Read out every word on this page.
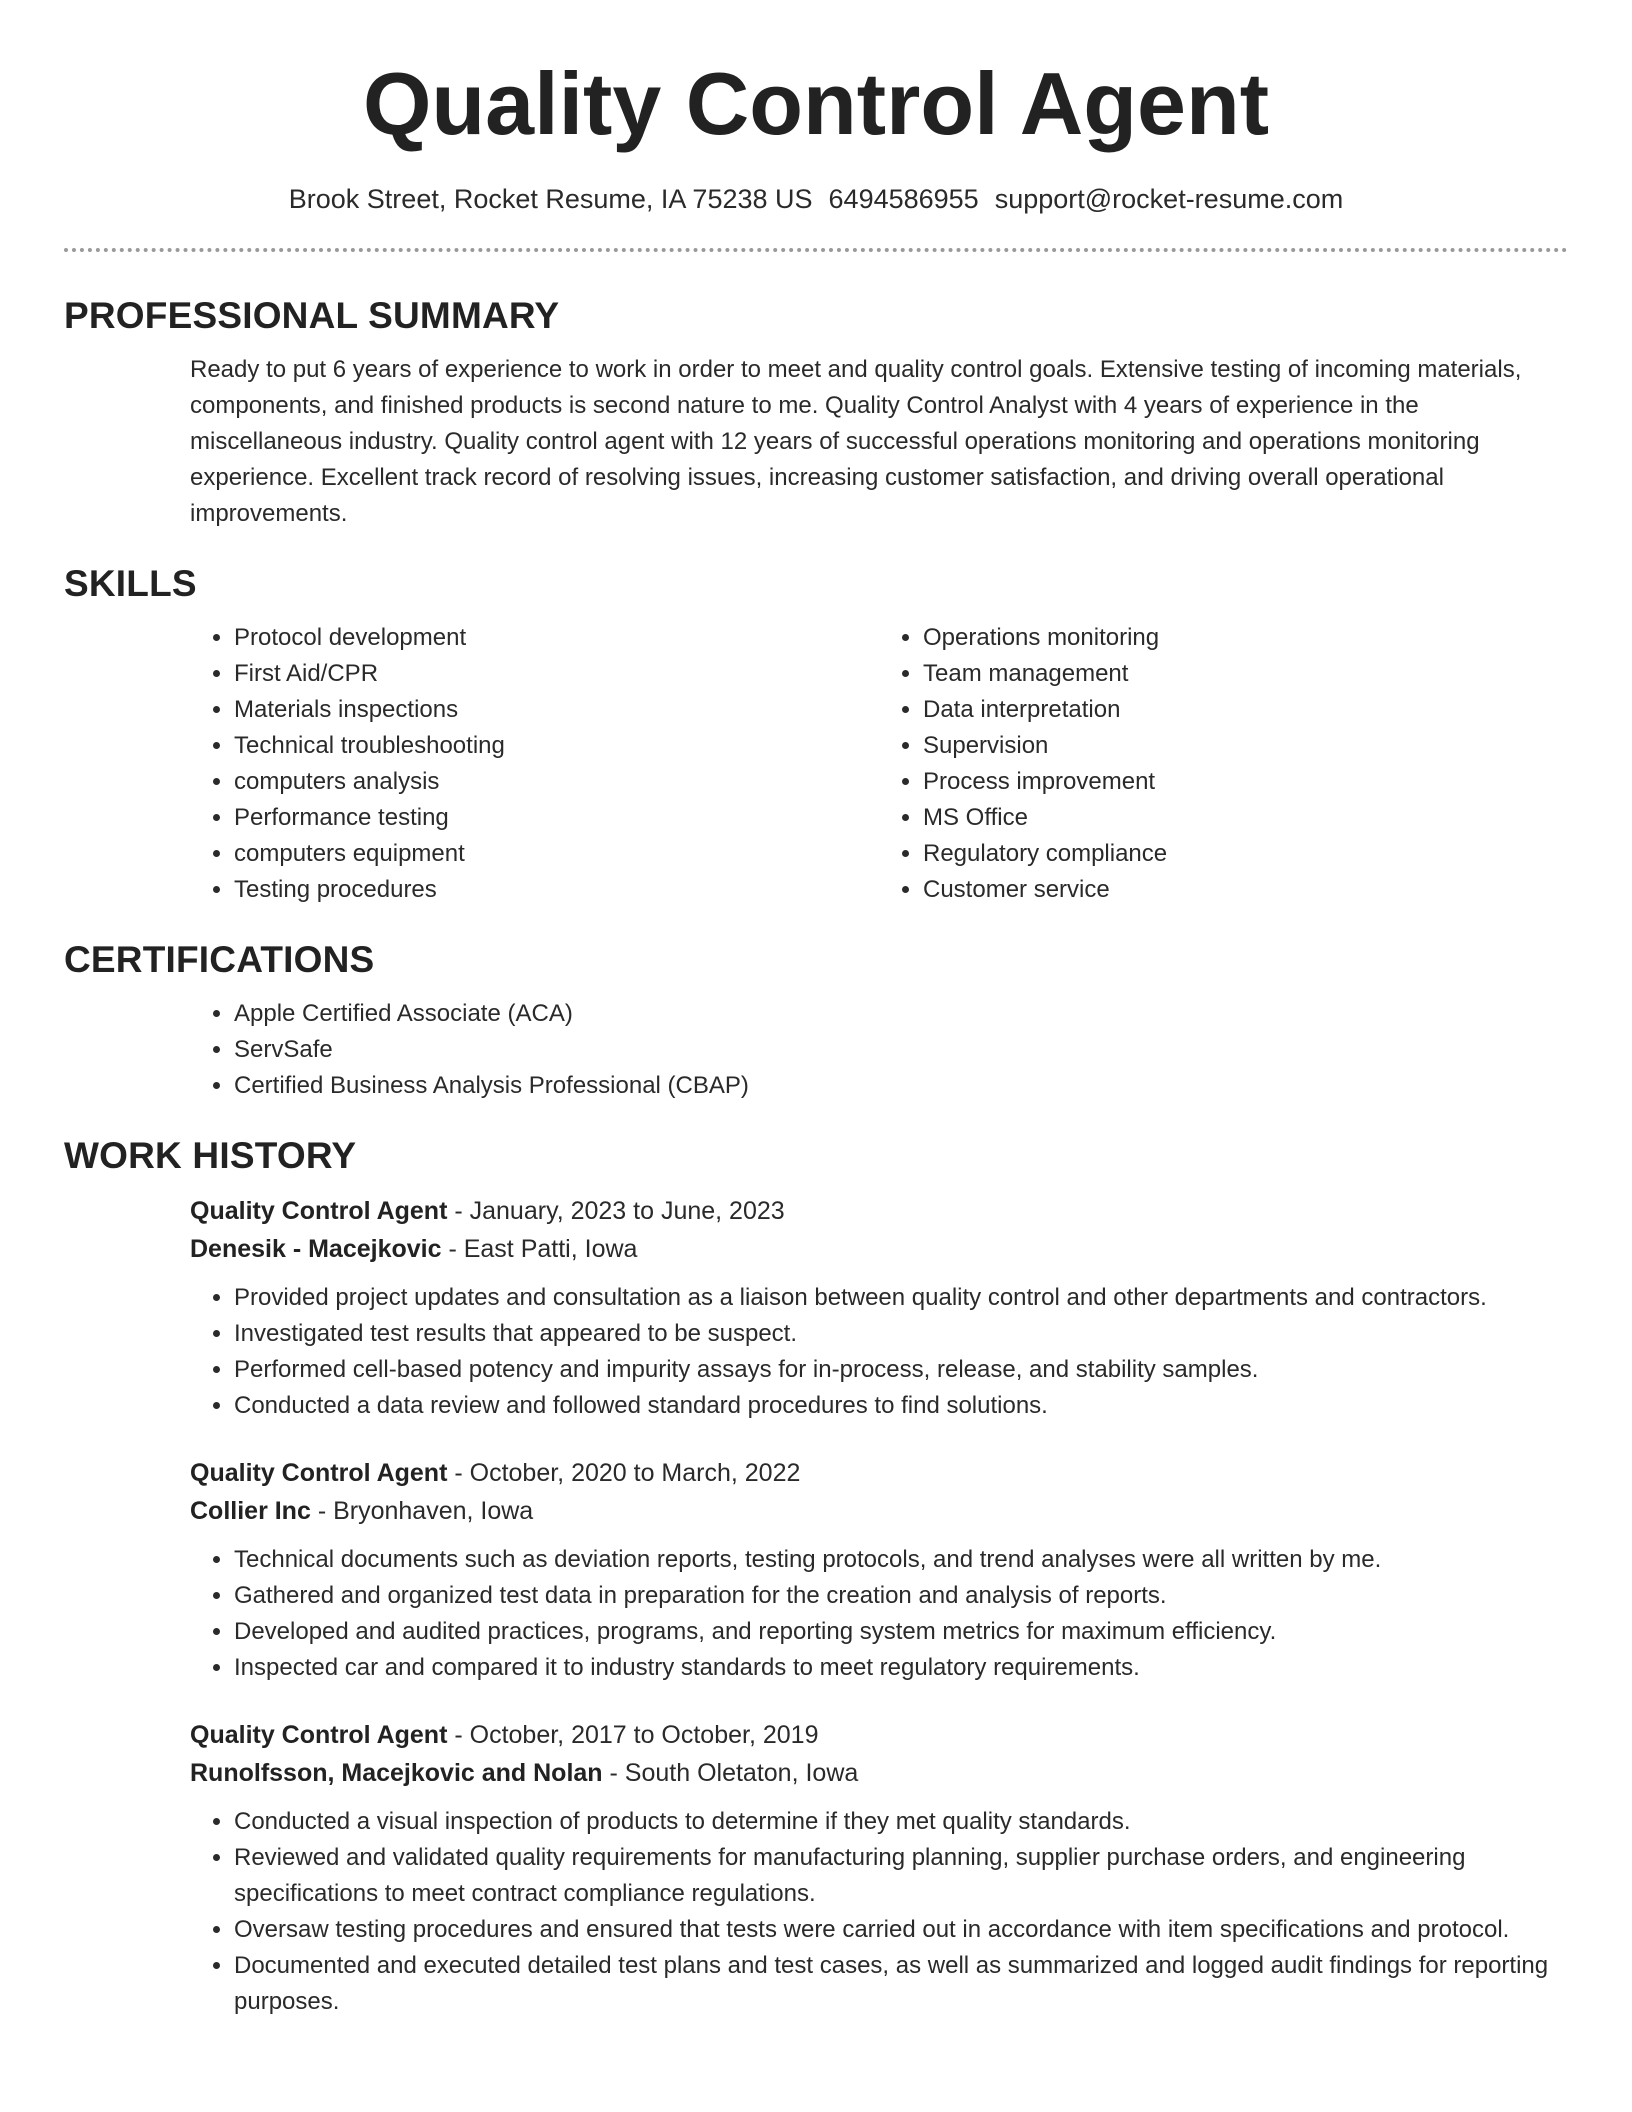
Quality Control Agent
Brook Street, Rocket Resume, IA 75238 US 6494586955 support@rocket-resume.com
PROFESSIONAL SUMMARY
Ready to put 6 years of experience to work in order to meet and quality control goals. Extensive testing of incoming materials, components, and finished products is second nature to me. Quality Control Analyst with 4 years of experience in the miscellaneous industry. Quality control agent with 12 years of successful operations monitoring and operations monitoring experience. Excellent track record of resolving issues, increasing customer satisfaction, and driving overall operational improvements.
SKILLS
• Protocol development
• First Aid/CPR
• Materials inspections
• Technical troubleshooting
• computers analysis
• Performance testing
• computers equipment
• Testing procedures
• Operations monitoring
• Team management
• Data interpretation
• Supervision
• Process improvement
• MS Office
• Regulatory compliance
• Customer service
CERTIFICATIONS
• Apple Certified Associate (ACA)
• ServSafe
• Certified Business Analysis Professional (CBAP)
WORK HISTORY
Quality Control Agent - January, 2023 to June, 2023
Denesik - Macejkovic - East Patti, Iowa
• Provided project updates and consultation as a liaison between quality control and other departments and contractors.
• Investigated test results that appeared to be suspect.
• Performed cell-based potency and impurity assays for in-process, release, and stability samples.
• Conducted a data review and followed standard procedures to find solutions.
Quality Control Agent - October, 2020 to March, 2022
Collier Inc - Bryonhaven, Iowa
• Technical documents such as deviation reports, testing protocols, and trend analyses were all written by me.
• Gathered and organized test data in preparation for the creation and analysis of reports.
• Developed and audited practices, programs, and reporting system metrics for maximum efficiency.
• Inspected car and compared it to industry standards to meet regulatory requirements.
Quality Control Agent - October, 2017 to October, 2019
Runolfsson, Macejkovic and Nolan - South Oletaton, Iowa
• Conducted a visual inspection of products to determine if they met quality standards.
• Reviewed and validated quality requirements for manufacturing planning, supplier purchase orders, and engineering specifications to meet contract compliance regulations.
• Oversaw testing procedures and ensured that tests were carried out in accordance with item specifications and protocol.
• Documented and executed detailed test plans and test cases, as well as summarized and logged audit findings for reporting purposes.
